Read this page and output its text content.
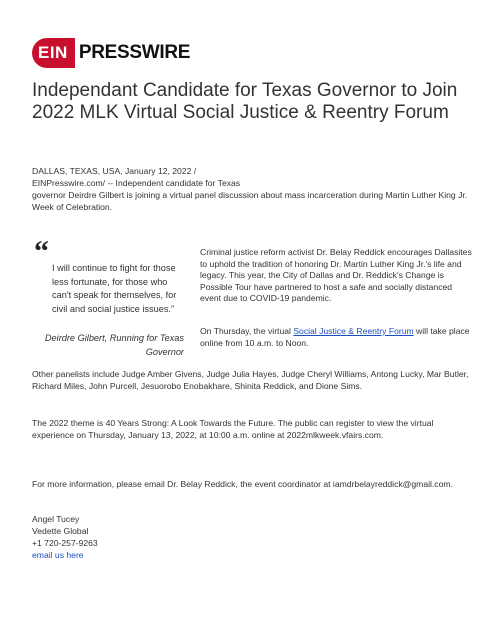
EIN PRESSWIRE
Independant Candidate for Texas Governor to Join 2022 MLK Virtual Social Justice & Reentry Forum

DALLAS, TEXAS, USA, January 12, 2022 /

EINPresswire.com/ -- Independent candidate for Texas

governor Deirdre Gilbert is joining a virtual panel discussion about mass incarceration during Martin Luther King Jr. Week of Celebration.

“ I will continue to fight for those less fortunate, for those who can't speak for themselves, for civil and social justice issues.”

Deirdre Gilbert, Running for Texas Governor

Criminal justice reform activist Dr. Belay Reddick encourages Dallasites to uphold the tradition of honoring Dr. Martin Luther King Jr.'s life and legacy. This year, the City of Dallas and Dr. Reddick's Change is Possible Tour have partnered to host a safe and socially distanced event due to COVID-19 pandemic.

On Thursday, the virtual Social Justice & Reentry Forum will take place online from 10 a.m. to Noon.

Other panelists include Judge Amber Givens, Judge Julia Hayes, Judge Cheryl Williams, Antong Lucky, Mar Butler, Richard Miles, John Purcell, Jesuorobo Enobakhare, Shinita Reddick, and Dione Sims.

The 2022 theme is 40 Years Strong: A Look Towards the Future. The public can register to view the virtual experience on Thursday, January 13, 2022, at 10:00 a.m. online at 2022mlkweek.vfairs.com.

For more information, please email Dr. Belay Reddick, the event coordinator at iamdrbelayreddick@gmail.com.

Angel Tucey

Vedette Global

+1 720-257-9263

email us here
